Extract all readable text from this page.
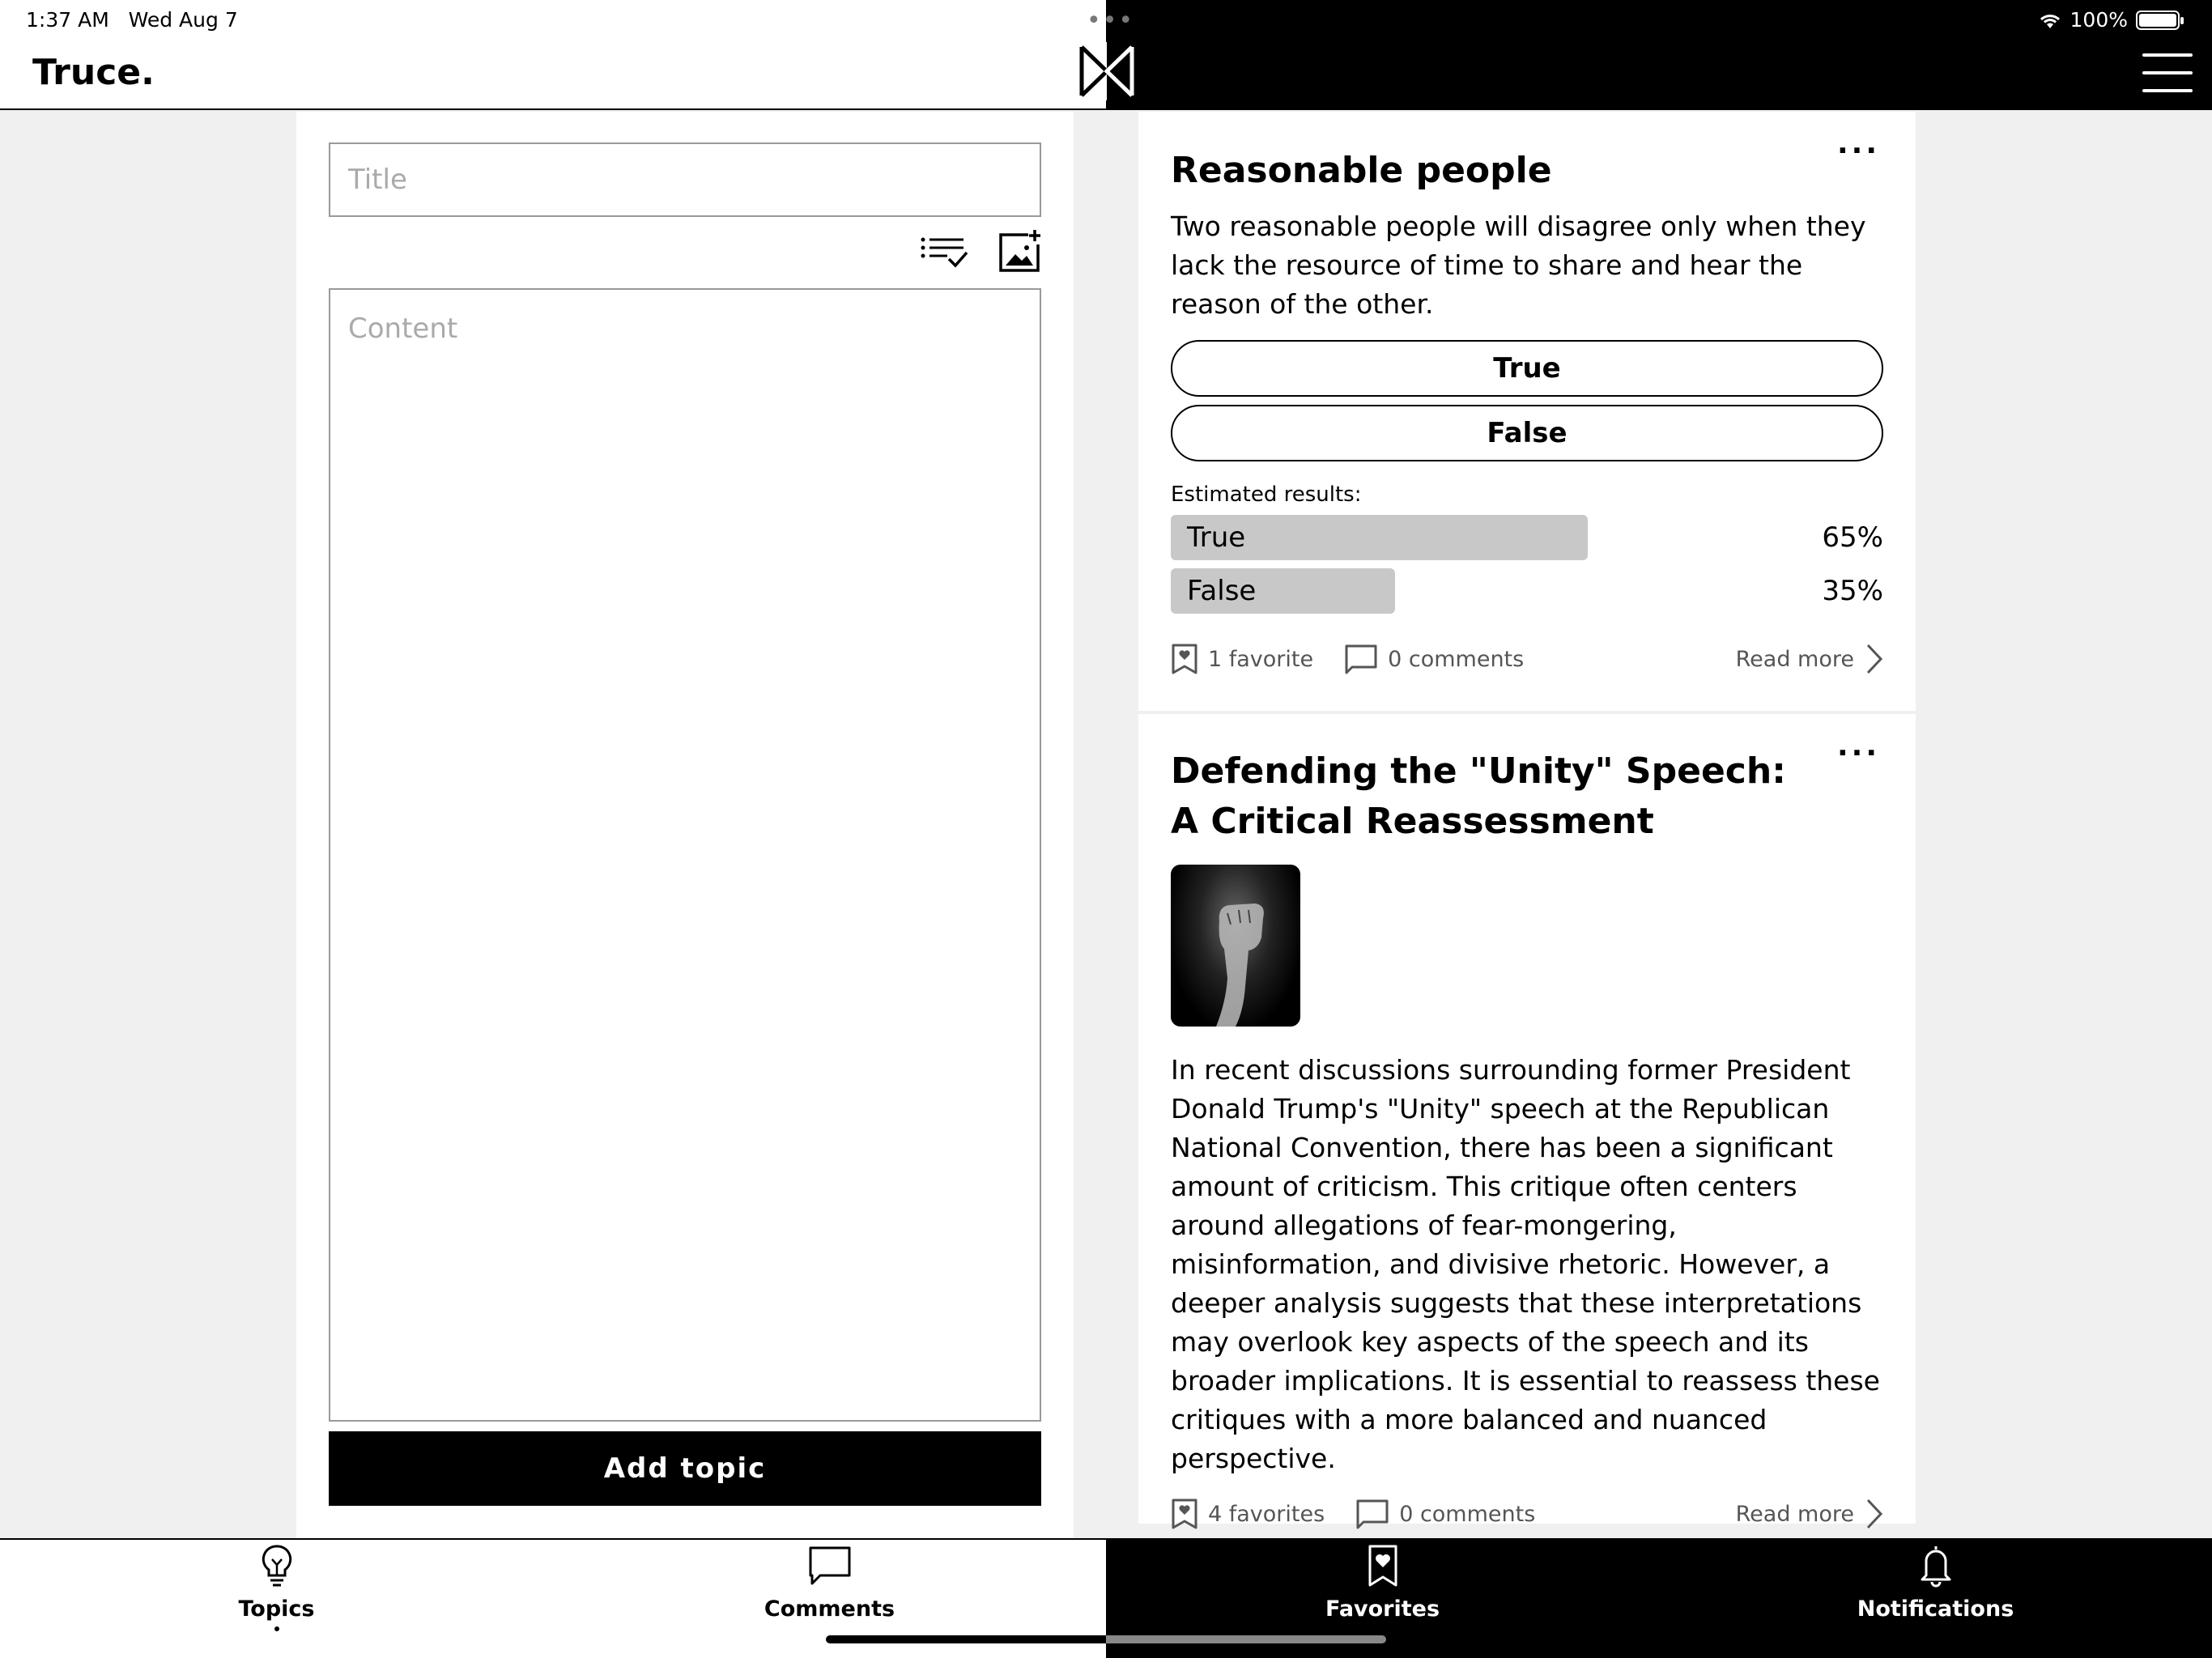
1:37 AM Wed Aug 7
Truce.
100%
•••
Title
Content
Add topic
Reasonable people	···
Two reasonable people will disagree only when they lack the resource of time to share and hear the reason of the other.
True
False
Estimated results:
True	65%
False	35%
1 favorite	0 comments	Read more
Defending the "Unity" Speech: A Critical Reassessment
···
In recent discussions surrounding former President Donald Trump's "Unity" speech at the Republican National Convention, there has been a significant amount of criticism. This critique often centers around allegations of fear-mongering, misinformation, and divisive rhetoric. However, a deeper analysis suggests that these interpretations may overlook key aspects of the speech and its broader implications. It is essential to reassess these critiques with a more balanced and nuanced perspective.
4 favorites	0 comments	Read more
Topics	Comments	Favorites	Notifications
